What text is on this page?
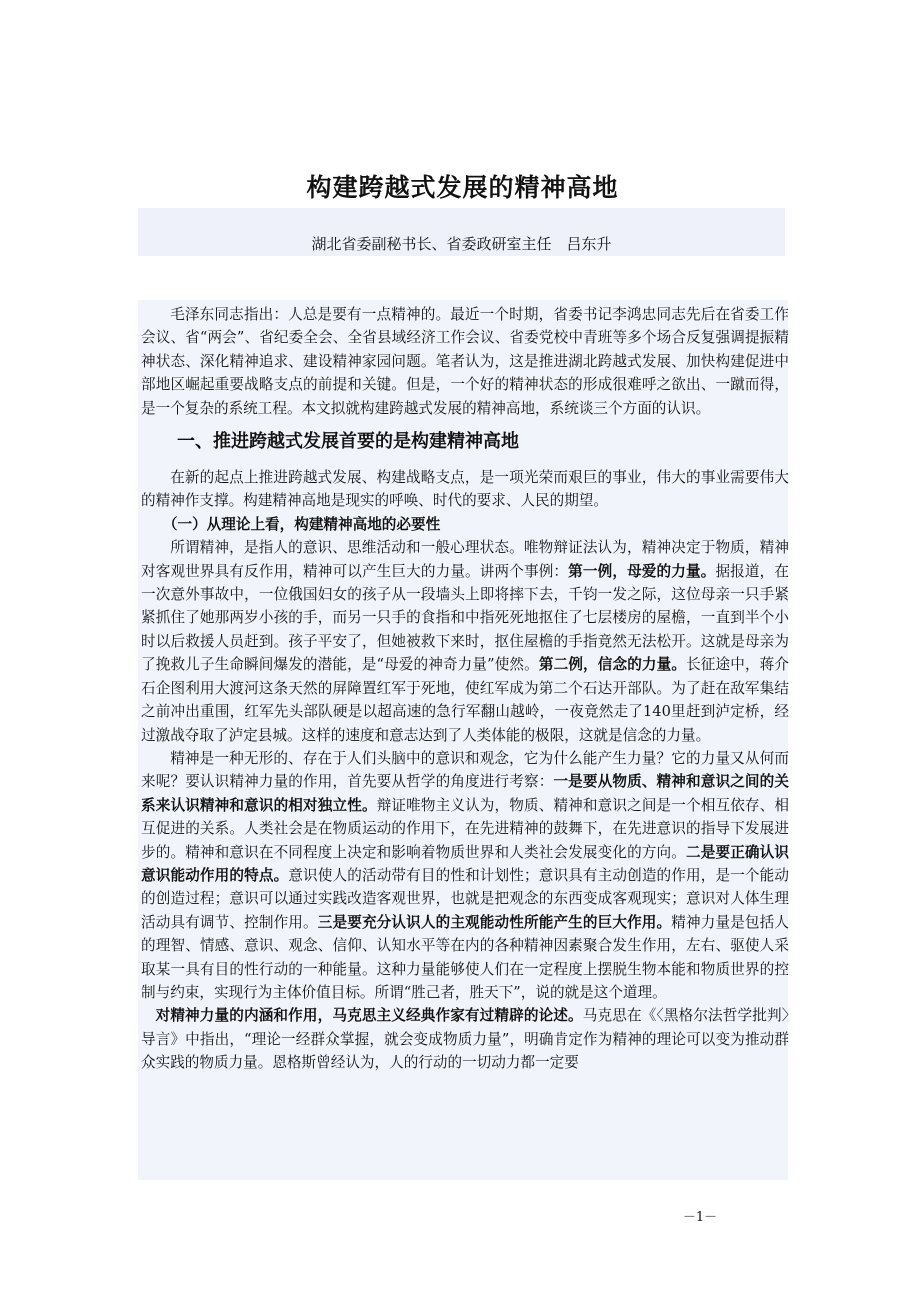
构建跨越式发展的精神高地
湖北省委副秘书长、省委政研室主任　吕东升

毛泽东同志指出：人总是要有一点精神的。最近一个时期，省委书记李鸿忠同志先后在省委工作会议、省“两会”、省纪委全会、全省县域经济工作会议、省委党校中青班等多个场合反复强调提振精神状态、深化精神追求、建设精神家园问题。笔者认为，这是推进湖北跨越式发展、加快构建促进中部地区崛起重要战略支点的前提和关键。但是，一个好的精神状态的形成很难呼之欲出、一蹴而得，是一个复杂的系统工程。本文拟就构建跨越式发展的精神高地，系统谈三个方面的认识。

一、推进跨越式发展首要的是构建精神高地

在新的起点上推进跨越式发展、构建战略支点，是一项光荣而艰巨的事业，伟大的事业需要伟大的精神作支撑。构建精神高地是现实的呼唤、时代的要求、人民的期望。

（一）从理论上看，构建精神高地的必要性

所谓精神，是指人的意识、思维活动和一般心理状态。唯物辩证法认为，精神决定于物质，精神对客观世界具有反作用，精神可以产生巨大的力量。讲两个事例：第一例，母爱的力量。据报道，在一次意外事故中，一位俄国妇女的孩子从一段墙头上即将摔下去，千钧一发之际，这位母亲一只手紧紧抓住了她那两岁小孩的手，而另一只手的食指和中指死死地抠住了七层楼房的屋檐，一直到半个小时以后救援人员赶到。孩子平安了，但她被救下来时，抠住屋檐的手指竟然无法松开。这就是母亲为了挽救儿子生命瞬间爆发的潜能，是“母爱的神奇力量”使然。第二例，信念的力量。长征途中，蒋介石企图利用大渡河这条天然的屏障置红军于死地，使红军成为第二个石达开部队。为了赶在敌军集结之前冲出重围，红军先头部队硬是以超高速的急行军翻山越岭，一夜竟然走了140里赶到泸定桥，经过激战夺取了泸定县城。这样的速度和意志达到了人类体能的极限，这就是信念的力量。

精神是一种无形的、存在于人们头脑中的意识和观念，它为什么能产生力量？它的力量又从何而来呢？要认识精神力量的作用，首先要从哲学的角度进行考察：一是要从物质、精神和意识之间的关系来认识精神和意识的相对独立性。辩证唯物主义认为，物质、精神和意识之间是一个相互依存、相互促进的关系。人类社会是在物质运动的作用下，在先进精神的鼓舞下，在先进意识的指导下发展进步的。精神和意识在不同程度上决定和影响着物质世界和人类社会发展变化的方向。二是要正确认识意识能动作用的特点。意识使人的活动带有目的性和计划性；意识具有主动创造的作用，是一个能动的创造过程；意识可以通过实践改造客观世界，也就是把观念的东西变成客观现实；意识对人体生理活动具有调节、控制作用。三是要充分认识人的主观能动性所能产生的巨大作用。精神力量是包括人的理智、情感、意识、观念、信仰、认知水平等在内的各种精神因素聚合发生作用，左右、驱使人采取某一具有目的性行动的一种能量。这种力量能够使人们在一定程度上摆脱生物本能和物质世界的控制与约束，实现行为主体价值目标。所谓“胜己者，胜天下”，说的就是这个道理。

对精神力量的内涵和作用，马克思主义经典作家有过精辟的论述。马克思在《〈黑格尔法哲学批判〉导言》中指出，“理论一经群众掌握，就会变成物质力量”，明确肯定作为精神的理论可以变为推动群众实践的物质力量。恩格斯曾经认为，人的行动的一切动力都一定要

－1－
